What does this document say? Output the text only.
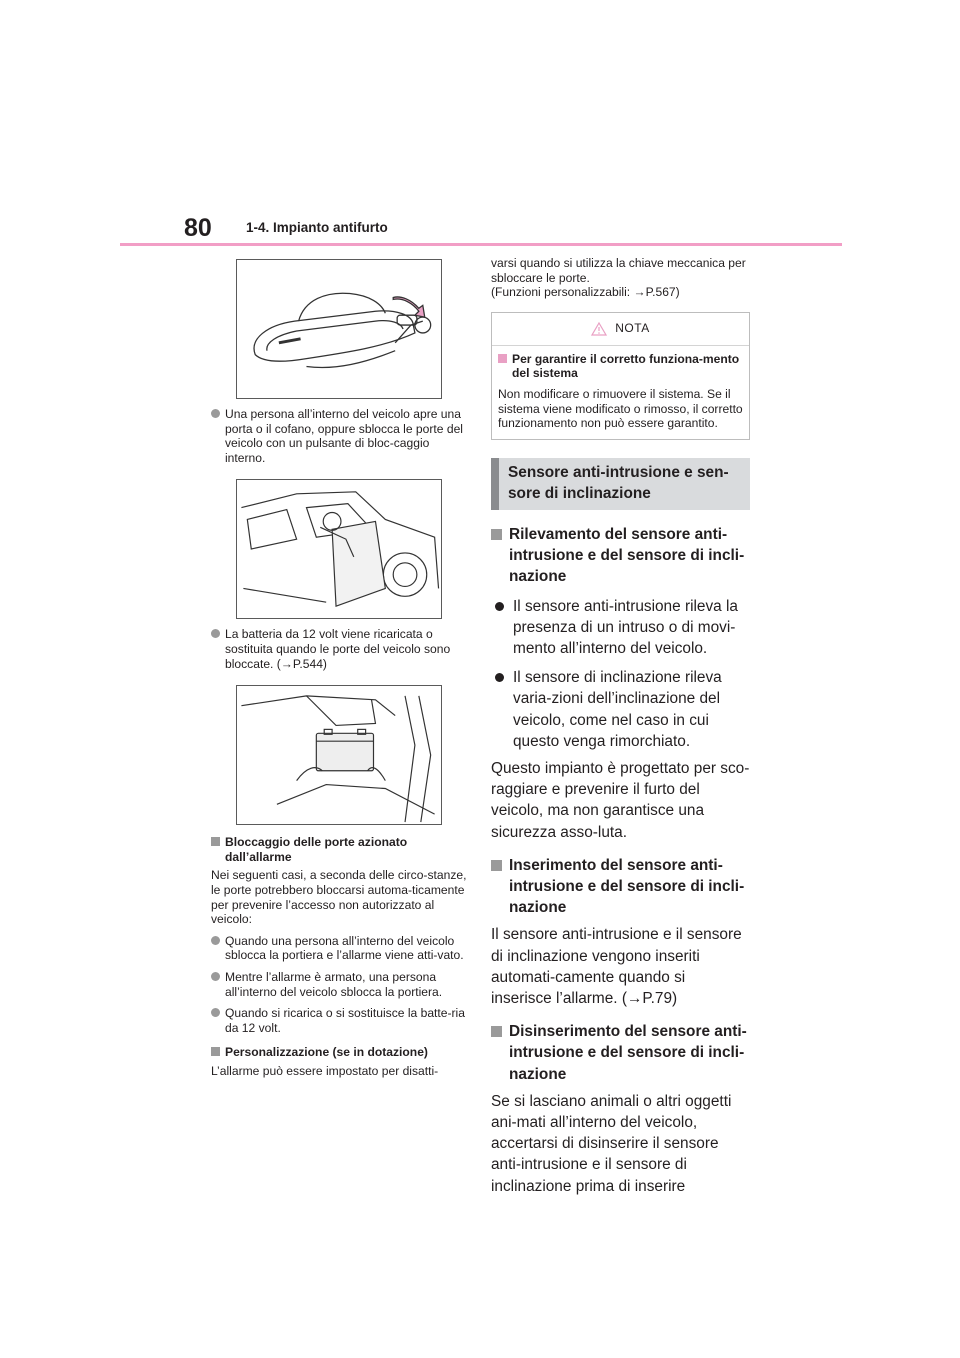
80	1-4. Impianto antifurto

Una persona all’interno del veicolo apre una porta o il cofano, oppure sblocca le porte del veicolo con un pulsante di bloc-caggio interno.

La batteria da 12 volt viene ricaricata o sostituita quando le porte del veicolo sono bloccate. (→P.544)

Bloccaggio delle porte azionato dall’allarme

Nei seguenti casi, a seconda delle circo-stanze, le porte potrebbero bloccarsi automa-ticamente per prevenire l’accesso non autorizzato al veicolo:

Quando una persona all’interno del veicolo sblocca la portiera e l’allarme viene atti-vato.

Mentre l’allarme è armato, una persona all’interno del veicolo sblocca la portiera.

Quando si ricarica o si sostituisce la batte-ria da 12 volt.

Personalizzazione (se in dotazione)

L’allarme può essere impostato per disatti-

varsi quando si utilizza la chiave meccanica per sbloccare le porte.

(Funzioni personalizzabili: →P.567)

NOTA

Per garantire il corretto funziona-mento del sistema

Non modificare o rimuovere il sistema. Se il sistema viene modificato o rimosso, il corretto funzionamento non può essere garantito.

Sensore anti-intrusione e sen-sore di inclinazione

Rilevamento del sensore anti-intrusione e del sensore di incli-nazione

Il sensore anti-intrusione rileva la presenza di un intruso o di movi-mento all’interno del veicolo.

Il sensore di inclinazione rileva varia-zioni dell’inclinazione del veicolo, come nel caso in cui questo venga rimorchiato.

Questo impianto è progettato per sco-raggiare e prevenire il furto del veicolo, ma non garantisce una sicurezza asso-luta.

Inserimento del sensore anti-intrusione e del sensore di incli-nazione

Il sensore anti-intrusione e il sensore di inclinazione vengono inseriti automati-camente quando si inserisce l’allarme. (→P.79)

Disinserimento del sensore anti-intrusione e del sensore di incli-nazione

Se si lasciano animali o altri oggetti ani-mati all’interno del veicolo, accertarsi di disinserire il sensore anti-intrusione e il sensore di inclinazione prima di inserire
